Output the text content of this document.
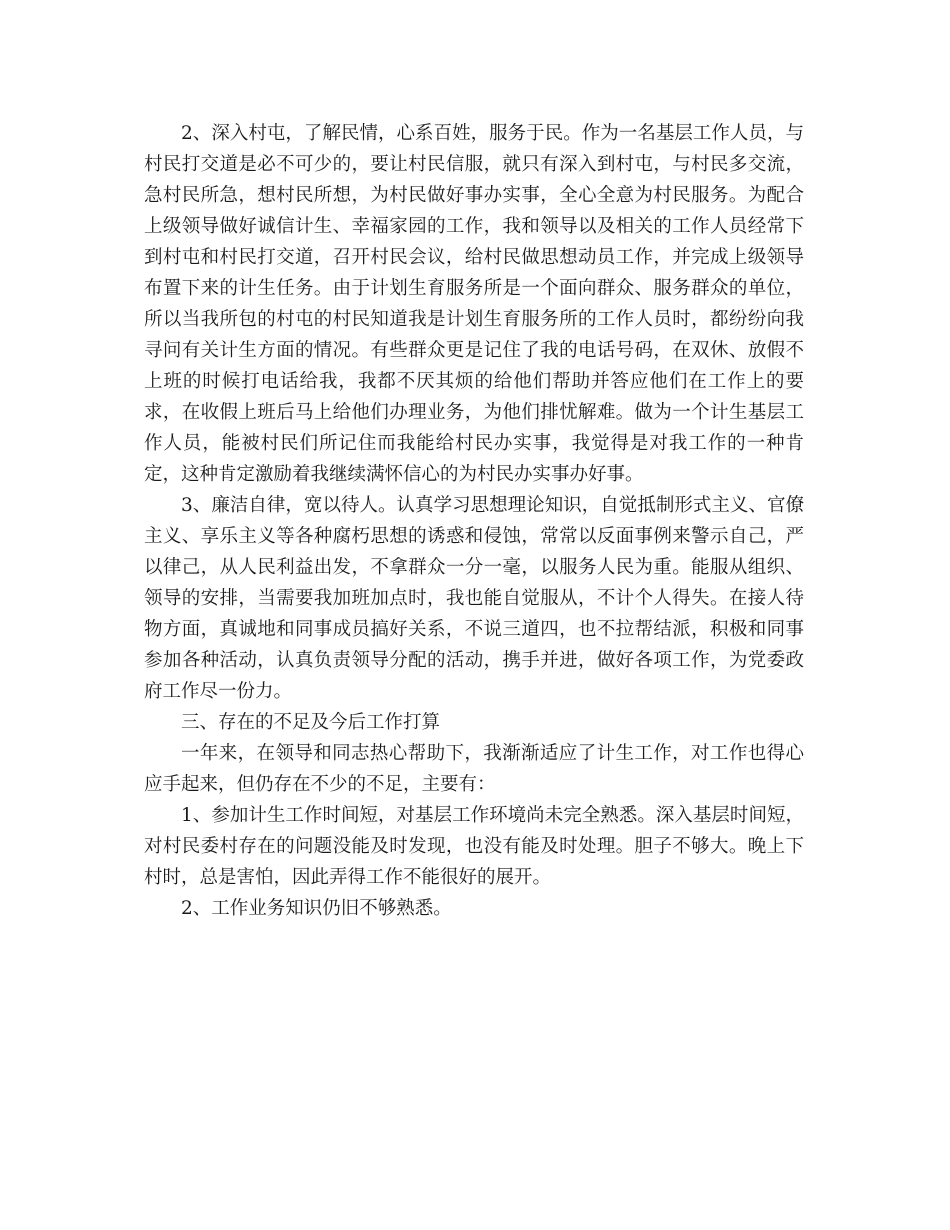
2、深入村屯，了解民情，心系百姓，服务于民。作为一名基层工作人员，与村民打交道是必不可少的，要让村民信服，就只有深入到村屯，与村民多交流，急村民所急，想村民所想，为村民做好事办实事，全心全意为村民服务。为配合上级领导做好诚信计生、幸福家园的工作，我和领导以及相关的工作人员经常下到村屯和村民打交道，召开村民会议，给村民做思想动员工作，并完成上级领导布置下来的计生任务。由于计划生育服务所是一个面向群众、服务群众的单位，所以当我所包的村屯的村民知道我是计划生育服务所的工作人员时，都纷纷向我寻问有关计生方面的情况。有些群众更是记住了我的电话号码，在双休、放假不上班的时候打电话给我，我都不厌其烦的给他们帮助并答应他们在工作上的要求，在收假上班后马上给他们办理业务，为他们排忧解难。做为一个计生基层工作人员，能被村民们所记住而我能给村民办实事，我觉得是对我工作的一种肯定，这种肯定激励着我继续满怀信心的为村民办实事办好事。

3、廉洁自律，宽以待人。认真学习思想理论知识，自觉抵制形式主义、官僚主义、享乐主义等各种腐朽思想的诱惑和侵蚀，常常以反面事例来警示自己，严以律己，从人民利益出发，不拿群众一分一毫，以服务人民为重。能服从组织、领导的安排，当需要我加班加点时，我也能自觉服从，不计个人得失。在接人待物方面，真诚地和同事成员搞好关系，不说三道四，也不拉帮结派，积极和同事参加各种活动，认真负责领导分配的活动，携手并进，做好各项工作，为党委政府工作尽一份力。

三、存在的不足及今后工作打算

一年来，在领导和同志热心帮助下，我渐渐适应了计生工作，对工作也得心应手起来，但仍存在不少的不足，主要有：

1、参加计生工作时间短，对基层工作环境尚未完全熟悉。深入基层时间短，对村民委村存在的问题没能及时发现，也没有能及时处理。胆子不够大。晚上下村时，总是害怕，因此弄得工作不能很好的展开。

2、工作业务知识仍旧不够熟悉。
